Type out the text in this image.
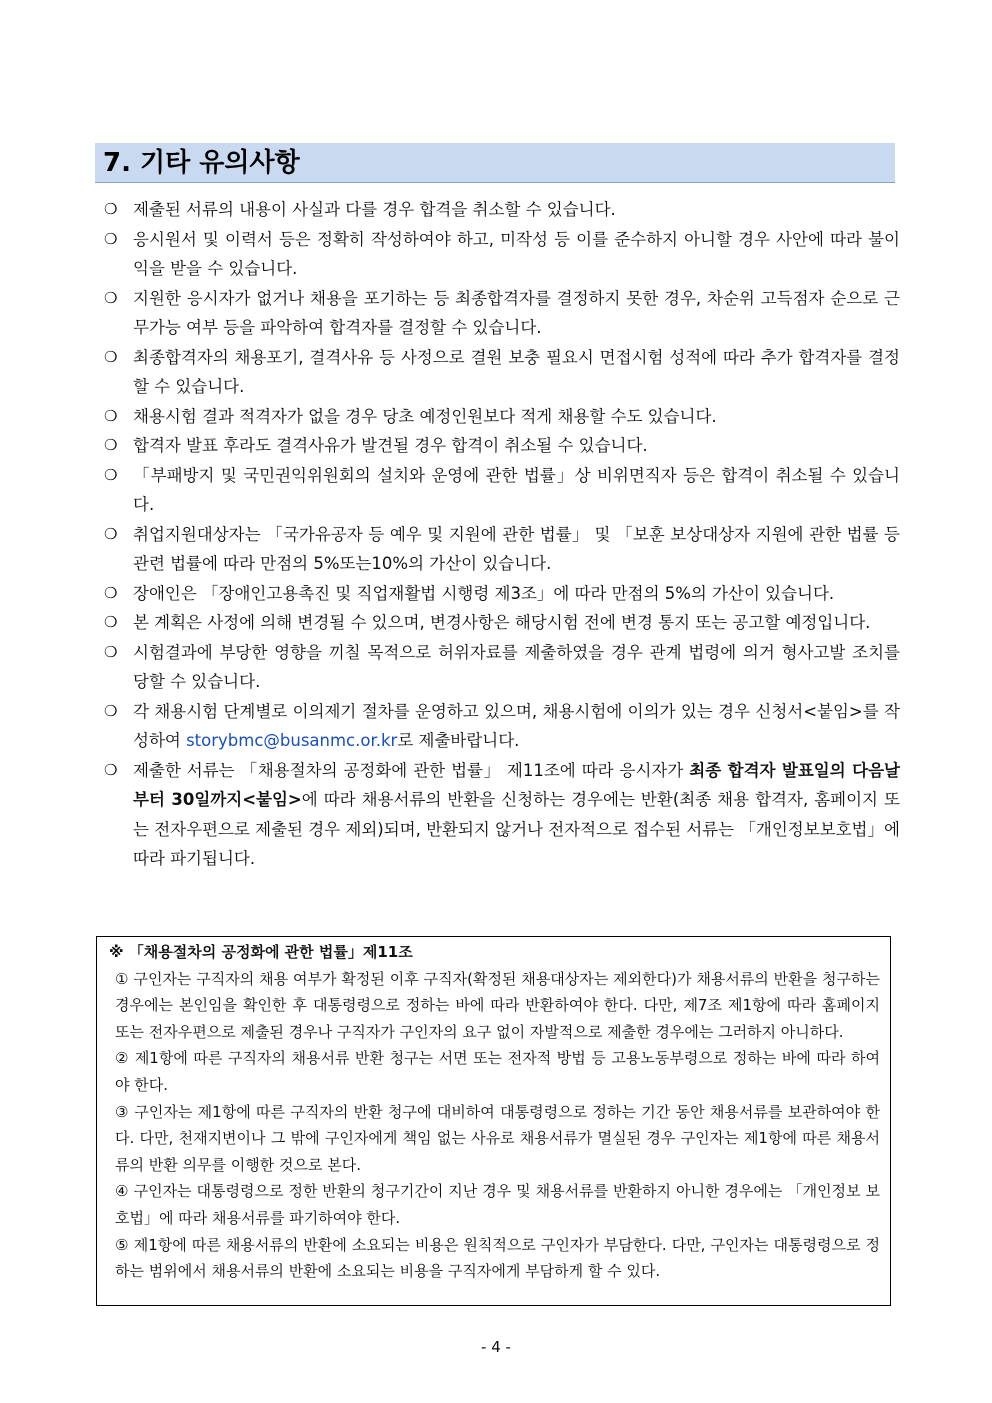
7. 기타 유의사항
❍ 제출된 서류의 내용이 사실과 다를 경우 합격을 취소할 수 있습니다.
❍ 응시원서 및 이력서 등은 정확히 작성하여야 하고, 미작성 등 이를 준수하지 아니할 경우 사안에 따라 불이익을 받을 수 있습니다.
❍ 지원한 응시자가 없거나 채용을 포기하는 등 최종합격자를 결정하지 못한 경우, 차순위 고득점자 순으로 근무가능 여부 등을 파악하여 합격자를 결정할 수 있습니다.
❍ 최종합격자의 채용포기, 결격사유 등 사정으로 결원 보충 필요시 면접시험 성적에 따라 추가 합격자를 결정할 수 있습니다.
❍ 채용시험 결과 적격자가 없을 경우 당초 예정인원보다 적게 채용할 수도 있습니다.
❍ 합격자 발표 후라도 결격사유가 발견될 경우 합격이 취소될 수 있습니다.
❍ 「부패방지 및 국민권익위원회의 설치와 운영에 관한 법률」상 비위면직자 등은 합격이 취소될 수 있습니다.
❍ 취업지원대상자는 「국가유공자 등 예우 및 지원에 관한 법률」 및 「보훈 보상대상자 지원에 관한 법률 등 관련 법률에 따라 만점의 5%또는10%의 가산이 있습니다.
❍ 장애인은 「장애인고용촉진 및 직업재활법 시행령 제3조」에 따라 만점의 5%의 가산이 있습니다.
❍ 본 계획은 사정에 의해 변경될 수 있으며, 변경사항은 해당시험 전에 변경 통지 또는 공고할 예정입니다.
❍ 시험결과에 부당한 영향을 끼칠 목적으로 허위자료를 제출하였을 경우 관계 법령에 의거 형사고발 조치를 당할 수 있습니다.
❍ 각 채용시험 단계별로 이의제기 절차를 운영하고 있으며, 채용시험에 이의가 있는 경우 신청서<붙임>를 작성하여 storybmc@busanmc.or.kr로 제출바랍니다.
❍ 제출한 서류는 「채용절차의 공정화에 관한 법률」 제11조에 따라 응시자가 최종 합격자 발표일의 다음날부터 30일까지<붙임>에 따라 채용서류의 반환을 신청하는 경우에는 반환(최종 채용 합격자, 홈페이지 또는 전자우편으로 제출된 경우 제외)되며, 반환되지 않거나 전자적으로 접수된 서류는 「개인정보보호법」에 따라 파기됩니다.
※ 「채용절차의 공정화에 관한 법률」제11조

① 구인자는 구직자의 채용 여부가 확정된 이후 구직자(확정된 채용대상자는 제외한다)가 채용서류의 반환을 청구하는 경우에는 본인임을 확인한 후 대통령령으로 정하는 바에 따라 반환하여야 한다. 다만, 제7조 제1항에 따라 홈페이지 또는 전자우편으로 제출된 경우나 구직자가 구인자의 요구 없이 자발적으로 제출한 경우에는 그러하지 아니하다.

② 제1항에 따른 구직자의 채용서류 반환 청구는 서면 또는 전자적 방법 등 고용노동부령으로 정하는 바에 따라 하여야 한다.

③ 구인자는 제1항에 따른 구직자의 반환 청구에 대비하여 대통령령으로 정하는 기간 동안 채용서류를 보관하여야 한다. 다만, 천재지변이나 그 밖에 구인자에게 책임 없는 사유로 채용서류가 멸실된 경우 구인자는 제1항에 따른 채용서류의 반환 의무를 이행한 것으로 본다.

④ 구인자는 대통령령으로 정한 반환의 청구기간이 지난 경우 및 채용서류를 반환하지 아니한 경우에는 「개인정보 보호법」에 따라 채용서류를 파기하여야 한다.

⑤ 제1항에 따른 채용서류의 반환에 소요되는 비용은 원칙적으로 구인자가 부담한다. 다만, 구인자는 대통령령으로 정하는 범위에서 채용서류의 반환에 소요되는 비용을 구직자에게 부담하게 할 수 있다.

- 4 -
